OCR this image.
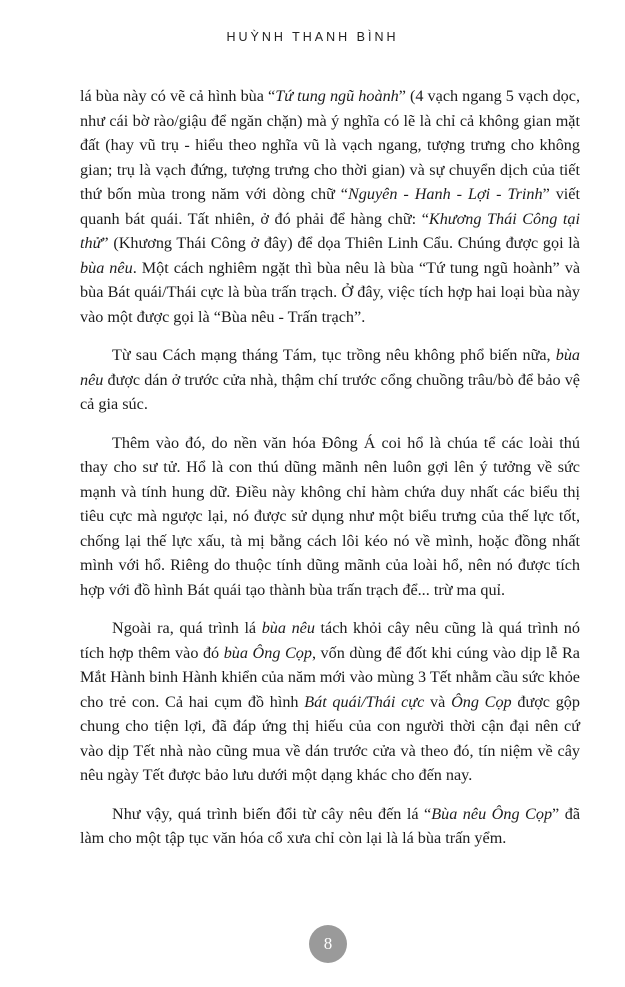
HUỲNH THANH BÌNH

lá bùa này có vẽ cả hình bùa “Tứ tung ngũ hoành” (4 vạch ngang 5 vạch dọc, như cái bờ rào/giậu để ngăn chặn) mà ý nghĩa có lẽ là chỉ cả không gian mặt đất (hay vũ trụ - hiểu theo nghĩa vũ là vạch ngang, tượng trưng cho không gian; trụ là vạch đứng, tượng trưng cho thời gian) và sự chuyển dịch của tiết thứ bốn mùa trong năm với dòng chữ “Nguyên - Hanh - Lợi - Trinh” viết quanh bát quái. Tất nhiên, ở đó phải để hàng chữ: “Khương Thái Công tại thử” (Khương Thái Công ở đây) để dọa Thiên Linh Cẩu. Chúng được gọi là bùa nêu. Một cách nghiêm ngặt thì bùa nêu là bùa “Tứ tung ngũ hoành” và bùa Bát quái/Thái cực là bùa trấn trạch. Ở đây, việc tích hợp hai loại bùa này vào một được gọi là “Bùa nêu - Trấn trạch”.

Từ sau Cách mạng tháng Tám, tục trồng nêu không phổ biến nữa, bùa nêu được dán ở trước cửa nhà, thậm chí trước cổng chuồng trâu/bò để bảo vệ cả gia súc.

Thêm vào đó, do nền văn hóa Đông Á coi hổ là chúa tể các loài thú thay cho sư tử. Hổ là con thú dũng mãnh nên luôn gợi lên ý tưởng về sức mạnh và tính hung dữ. Điều này không chỉ hàm chứa duy nhất các biểu thị tiêu cực mà ngược lại, nó được sử dụng như một biểu trưng của thế lực tốt, chống lại thế lực xấu, tà mị bằng cách lôi kéo nó về mình, hoặc đồng nhất mình với hổ. Riêng do thuộc tính dũng mãnh của loài hổ, nên nó được tích hợp với đồ hình Bát quái tạo thành bùa trấn trạch để... trừ ma quỉ.

Ngoài ra, quá trình lá bùa nêu tách khỏi cây nêu cũng là quá trình nó tích hợp thêm vào đó bùa Ông Cọp, vốn dùng để đốt khi cúng vào dịp lễ Ra Mắt Hành binh Hành khiển của năm mới vào mùng 3 Tết nhằm cầu sức khỏe cho trẻ con. Cả hai cụm đồ hình Bát quái/Thái cực và Ông Cọp được gộp chung cho tiện lợi, đã đáp ứng thị hiếu của con người thời cận đại nên cứ vào dịp Tết nhà nào cũng mua về dán trước cửa và theo đó, tín niệm về cây nêu ngày Tết được bảo lưu dưới một dạng khác cho đến nay.

Như vậy, quá trình biến đổi từ cây nêu đến lá “Bùa nêu Ông Cọp” đã làm cho một tập tục văn hóa cổ xưa chỉ còn lại là lá bùa trấn yểm.

8
